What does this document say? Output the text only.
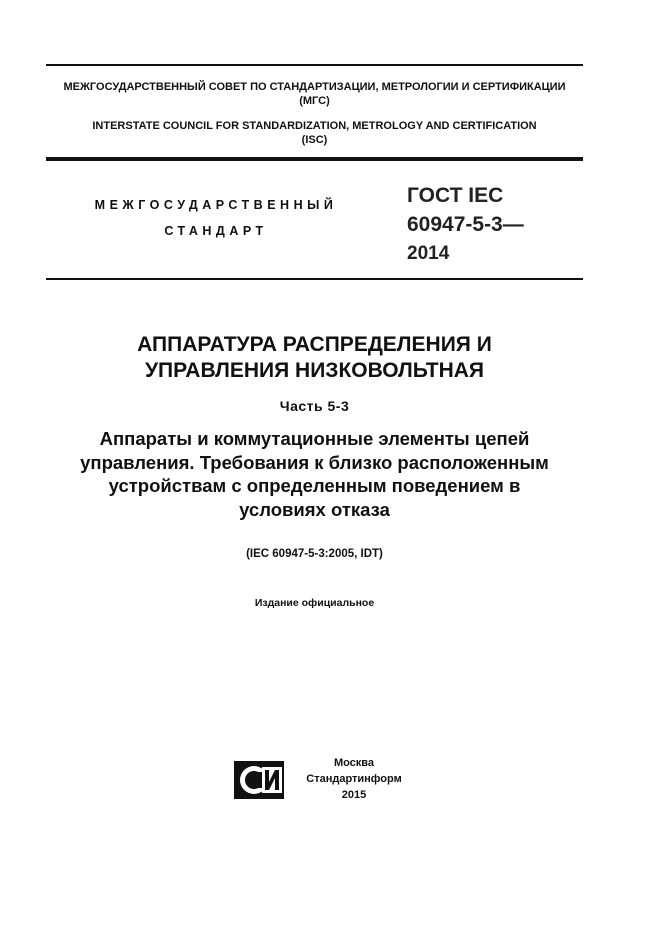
МЕЖГОСУДАРСТВЕННЫЙ СОВЕТ ПО СТАНДАРТИЗАЦИИ, МЕТРОЛОГИИ И СЕРТИФИКАЦИИ
(МГС)
INTERSTATE COUNCIL FOR STANDARDIZATION, METROLOGY AND CERTIFICATION
(ISC)
МЕЖГОСУДАРСТВЕННЫЙ
СТАНДАРТ
ГОСТ IEC
60947-5-3—
2014
АППАРАТУРА РАСПРЕДЕЛЕНИЯ И
УПРАВЛЕНИЯ НИЗКОВОЛЬТНАЯ
Часть 5-3
Аппараты и коммутационные элементы цепей
управления. Требования к близко расположенным
устройствам с определенным поведением в
условиях отказа
(IEC 60947-5-3:2005, IDT)
Издание официальное
Москва
Стандартинформ
2015
